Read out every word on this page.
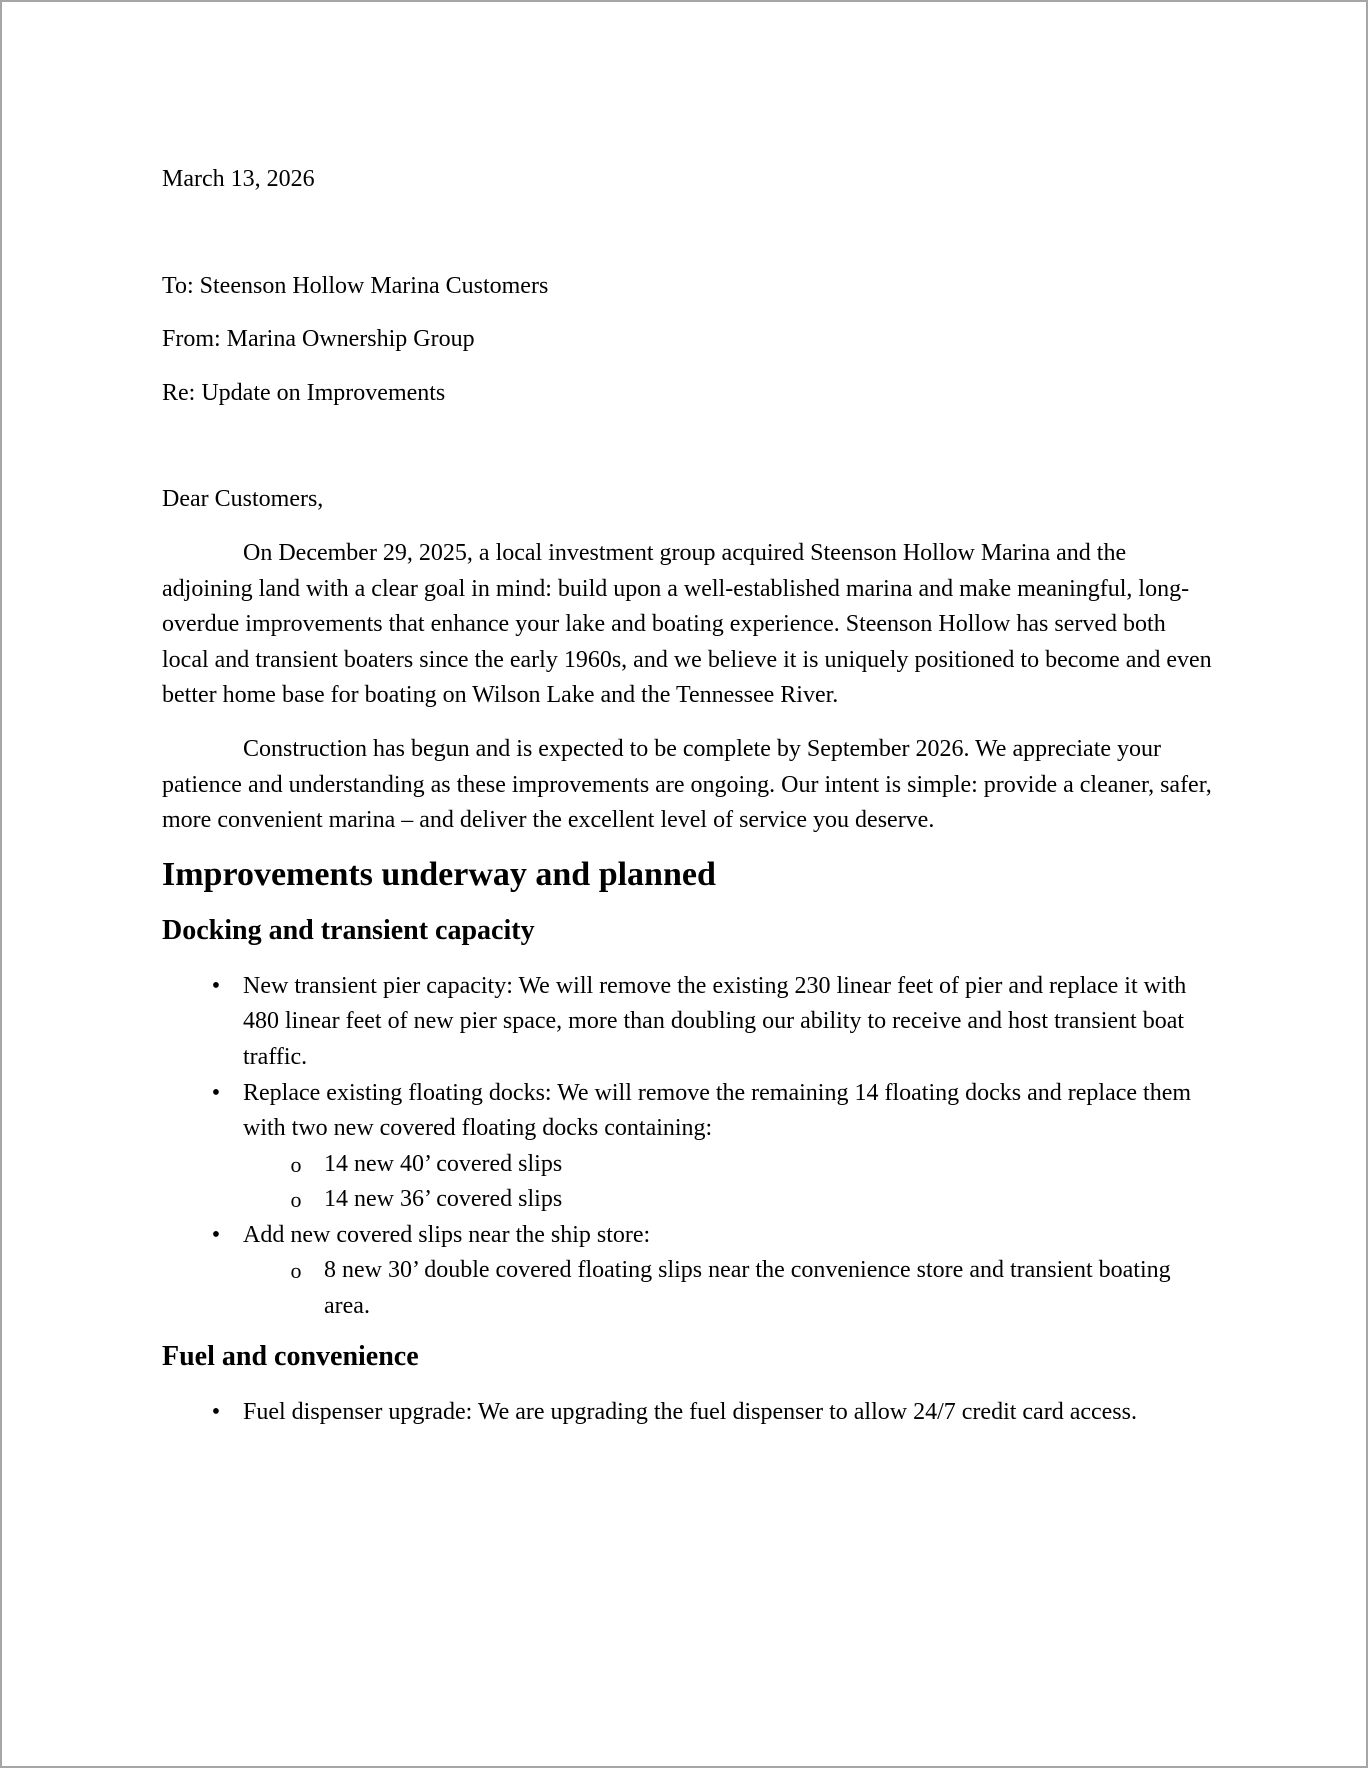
March 13, 2026

To: Steenson Hollow Marina Customers

From: Marina Ownership Group

Re: Update on Improvements

Dear Customers,

On December 29, 2025, a local investment group acquired Steenson Hollow Marina and the adjoining land with a clear goal in mind: build upon a well-established marina and make meaningful, long-overdue improvements that enhance your lake and boating experience. Steenson Hollow has served both local and transient boaters since the early 1960s, and we believe it is uniquely positioned to become and even better home base for boating on Wilson Lake and the Tennessee River.

Construction has begun and is expected to be complete by September 2026. We appreciate your patience and understanding as these improvements are ongoing. Our intent is simple: provide a cleaner, safer, more convenient marina – and deliver the excellent level of service you deserve.

Improvements underway and planned
Docking and transient capacity
• New transient pier capacity: We will remove the existing 230 linear feet of pier and replace it with 480 linear feet of new pier space, more than doubling our ability to receive and host transient boat traffic.
• Replace existing floating docks: We will remove the remaining 14 floating docks and replace them with two new covered floating docks containing:
o 14 new 40’ covered slips
o 14 new 36’ covered slips
• Add new covered slips near the ship store:
o 8 new 30’ double covered floating slips near the convenience store and transient boating area.
Fuel and convenience
• Fuel dispenser upgrade: We are upgrading the fuel dispenser to allow 24/7 credit card access.
